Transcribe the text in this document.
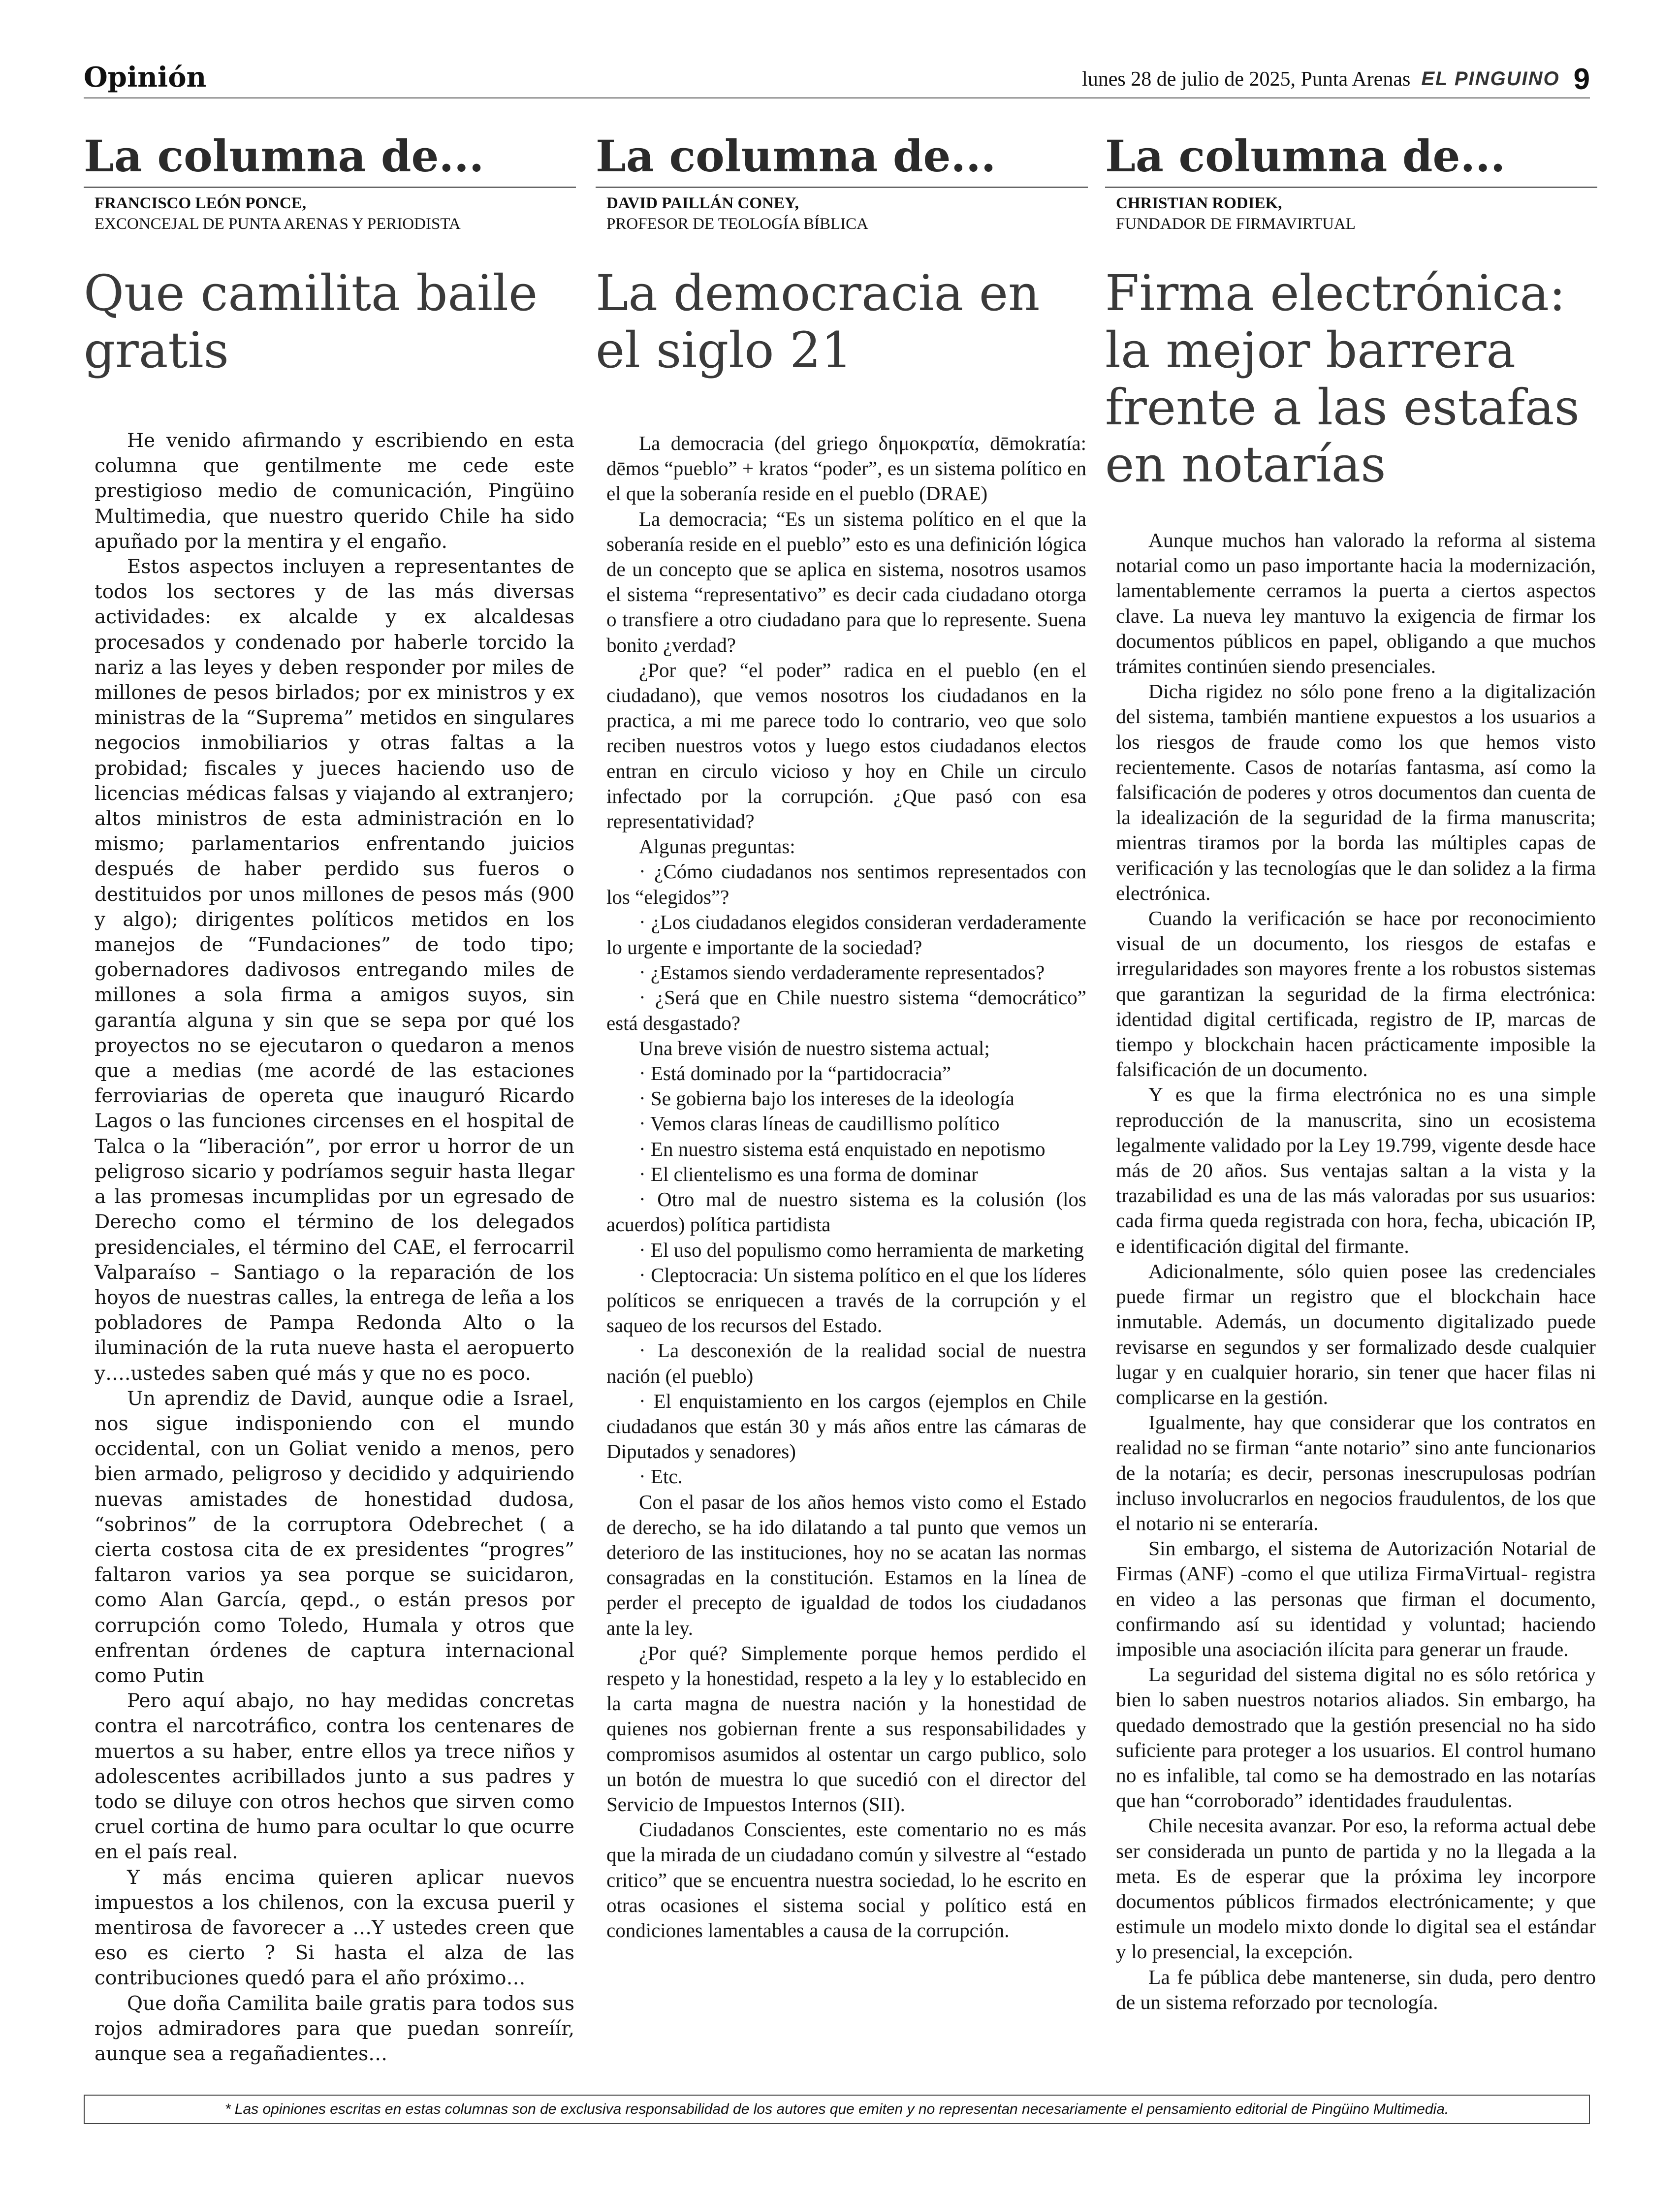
Opinión	lunes 28 de julio de 2025, Punta Arenas EL PINGUINO 9
La columna de...
FRANCISCO LEÓN PONCE,
EXCONCEJAL DE PUNTA ARENAS Y PERIODISTA
Que camilita baile gratis

He venido afirmando y escribiendo en esta columna que gentilmente me cede este prestigioso medio de comunicación, Pingüino Multimedia, que nuestro querido Chile ha sido apuñado por la mentira y el engaño.

Estos aspectos incluyen a representantes de todos los sectores y de las más diversas actividades: ex alcalde y ex alcaldesas procesados y condenado por haberle torcido la nariz a las leyes y deben responder por miles de millones de pesos birlados; por ex ministros y ex ministras de la “Suprema” metidos en singulares negocios inmobiliarios y otras faltas a la probidad; fiscales y jueces haciendo uso de licencias médicas falsas y viajando al extranjero; altos ministros de esta administración en lo mismo; parlamentarios enfrentando juicios después de haber perdido sus fueros o destituidos por unos millones de pesos más (900 y algo); dirigentes políticos metidos en los manejos de “Fundaciones” de todo tipo; gobernadores dadivosos entregando miles de millones a sola firma a amigos suyos, sin garantía alguna y sin que se sepa por qué los proyectos no se ejecutaron o quedaron a menos que a medias (me acordé de las estaciones ferroviarias de opereta que inauguró Ricardo Lagos o las funciones circenses en el hospital de Talca o la “liberación”, por error u horror de un peligroso sicario y podríamos seguir hasta llegar a las promesas incumplidas por un egresado de Derecho como el término de los delegados presidenciales, el término del CAE, el ferrocarril Valparaíso – Santiago o la reparación de los hoyos de nuestras calles, la entrega de leña a los pobladores de Pampa Redonda Alto o la iluminación de la ruta nueve hasta el aeropuerto y….ustedes saben qué más y que no es poco.

Un aprendiz de David, aunque odie a Israel, nos sigue indisponiendo con el mundo occidental, con un Goliat venido a menos, pero bien armado, peligroso y decidido y adquiriendo nuevas amistades de honestidad dudosa, “sobrinos” de la corruptora Odebrechet ( a cierta costosa cita de ex presidentes “progres” faltaron varios ya sea porque se suicidaron, como Alan García, qepd., o están presos por corrupción como Toledo, Humala y otros que enfrentan órdenes de captura internacional como Putin

Pero aquí abajo, no hay medidas concretas contra el narcotráfico, contra los centenares de muertos a su haber, entre ellos ya trece niños y adolescentes acribillados junto a sus padres y todo se diluye con otros hechos que sirven como cruel cortina de humo para ocultar lo que ocurre en el país real.

Y más encima quieren aplicar nuevos impuestos a los chilenos, con la excusa pueril y mentirosa de favorecer a …Y ustedes creen que eso es cierto ? Si hasta el alza de las contribuciones quedó para el año próximo…

Que doña Camilita baile gratis para todos sus rojos admiradores para que puedan sonreíír, aunque sea a regañadientes…

La columna de...
DAVID PAILLÁN CONEY,
PROFESOR DE TEOLOGÍA BÍBLICA
La democracia en el siglo 21

La democracia (del griego δημοκρατία, dēmokratía: dēmos “pueblo” + kratos “poder”, es un sistema político en el que la soberanía reside en el pueblo (DRAE)

La democracia; “Es un sistema político en el que la soberanía reside en el pueblo” esto es una definición lógica de un concepto que se aplica en sistema, nosotros usamos el sistema “representativo” es decir cada ciudadano otorga o transfiere a otro ciudadano para que lo represente. Suena bonito ¿verdad?

¿Por que? “el poder” radica en el pueblo (en el ciudadano), que vemos nosotros los ciudadanos en la practica, a mi me parece todo lo contrario, veo que solo reciben nuestros votos y luego estos ciudadanos electos entran en circulo vicioso y hoy en Chile un circulo infectado por la corrupción. ¿Que pasó con esa representatividad?

Algunas preguntas:

· ¿Cómo ciudadanos nos sentimos representados con los “elegidos”?

· ¿Los ciudadanos elegidos consideran verdaderamente lo urgente e importante de la sociedad?

· ¿Estamos siendo verdaderamente representados?

· ¿Será que en Chile nuestro sistema “democrático” está desgastado?

Una breve visión de nuestro sistema actual;

· Está dominado por la “partidocracia”

· Se gobierna bajo los intereses de la ideología

· Vemos claras líneas de caudillismo político

· En nuestro sistema está enquistado en nepotismo

· El clientelismo es una forma de dominar

· Otro mal de nuestro sistema es la colusión (los acuerdos) política partidista

· El uso del populismo como herramienta de marketing

· Cleptocracia: Un sistema político en el que los líderes políticos se enriquecen a través de la corrupción y el saqueo de los recursos del Estado.

· La desconexión de la realidad social de nuestra nación (el pueblo)

· El enquistamiento en los cargos (ejemplos en Chile ciudadanos que están 30 y más años entre las cámaras de Diputados y senadores)

· Etc.

Con el pasar de los años hemos visto como el Estado de derecho, se ha ido dilatando a tal punto que vemos un deterioro de las instituciones, hoy no se acatan las normas consagradas en la constitución. Estamos en la línea de perder el precepto de igualdad de todos los ciudadanos ante la ley.

¿Por qué? Simplemente porque hemos perdido el respeto y la honestidad, respeto a la ley y lo establecido en la carta magna de nuestra nación y la honestidad de quienes nos gobiernan frente a sus responsabilidades y compromisos asumidos al ostentar un cargo publico, solo un botón de muestra lo que sucedió con el director del Servicio de Impuestos Internos (SII).

Ciudadanos Conscientes, este comentario no es más que la mirada de un ciudadano común y silvestre al “estado critico” que se encuentra nuestra sociedad, lo he escrito en otras ocasiones el sistema social y político está en condiciones lamentables a causa de la corrupción.

La columna de...
CHRISTIAN RODIEK,
FUNDADOR DE FIRMAVIRTUAL
Firma electrónica: la mejor barrera frente a las estafas en notarías

Aunque muchos han valorado la reforma al sistema notarial como un paso importante hacia la modernización, lamentablemente cerramos la puerta a ciertos aspectos clave. La nueva ley mantuvo la exigencia de firmar los documentos públicos en papel, obligando a que muchos trámites continúen siendo presenciales.

Dicha rigidez no sólo pone freno a la digitalización del sistema, también mantiene expuestos a los usuarios a los riesgos de fraude como los que hemos visto recientemente. Casos de notarías fantasma, así como la falsificación de poderes y otros documentos dan cuenta de la idealización de la seguridad de la firma manuscrita; mientras tiramos por la borda las múltiples capas de verificación y las tecnologías que le dan solidez a la firma electrónica.

Cuando la verificación se hace por reconocimiento visual de un documento, los riesgos de estafas e irregularidades son mayores frente a los robustos sistemas que garantizan la seguridad de la firma electrónica: identidad digital certificada, registro de IP, marcas de tiempo y blockchain hacen prácticamente imposible la falsificación de un documento.

Y es que la firma electrónica no es una simple reproducción de la manuscrita, sino un ecosistema legalmente validado por la Ley 19.799, vigente desde hace más de 20 años. Sus ventajas saltan a la vista y la trazabilidad es una de las más valoradas por sus usuarios: cada firma queda registrada con hora, fecha, ubicación IP, e identificación digital del firmante.

Adicionalmente, sólo quien posee las credenciales puede firmar un registro que el blockchain hace inmutable. Además, un documento digitalizado puede revisarse en segundos y ser formalizado desde cualquier lugar y en cualquier horario, sin tener que hacer filas ni complicarse en la gestión.

Igualmente, hay que considerar que los contratos en realidad no se firman “ante notario” sino ante funcionarios de la notaría; es decir, personas inescrupulosas podrían incluso involucrarlos en negocios fraudulentos, de los que el notario ni se enteraría.

Sin embargo, el sistema de Autorización Notarial de Firmas (ANF) -como el que utiliza FirmaVirtual- registra en video a las personas que firman el documento, confirmando así su identidad y voluntad; haciendo imposible una asociación ilícita para generar un fraude.

La seguridad del sistema digital no es sólo retórica y bien lo saben nuestros notarios aliados. Sin embargo, ha quedado demostrado que la gestión presencial no ha sido suficiente para proteger a los usuarios. El control humano no es infalible, tal como se ha demostrado en las notarías que han “corroborado” identidades fraudulentas.

Chile necesita avanzar. Por eso, la reforma actual debe ser considerada un punto de partida y no la llegada a la meta. Es de esperar que la próxima ley incorpore documentos públicos firmados electrónicamente; y que estimule un modelo mixto donde lo digital sea el estándar y lo presencial, la excepción.

La fe pública debe mantenerse, sin duda, pero dentro de un sistema reforzado por tecnología.

* Las opiniones escritas en estas columnas son de exclusiva responsabilidad de los autores que emiten y no representan necesariamente el pensamiento editorial de Pingüino Multimedia.
